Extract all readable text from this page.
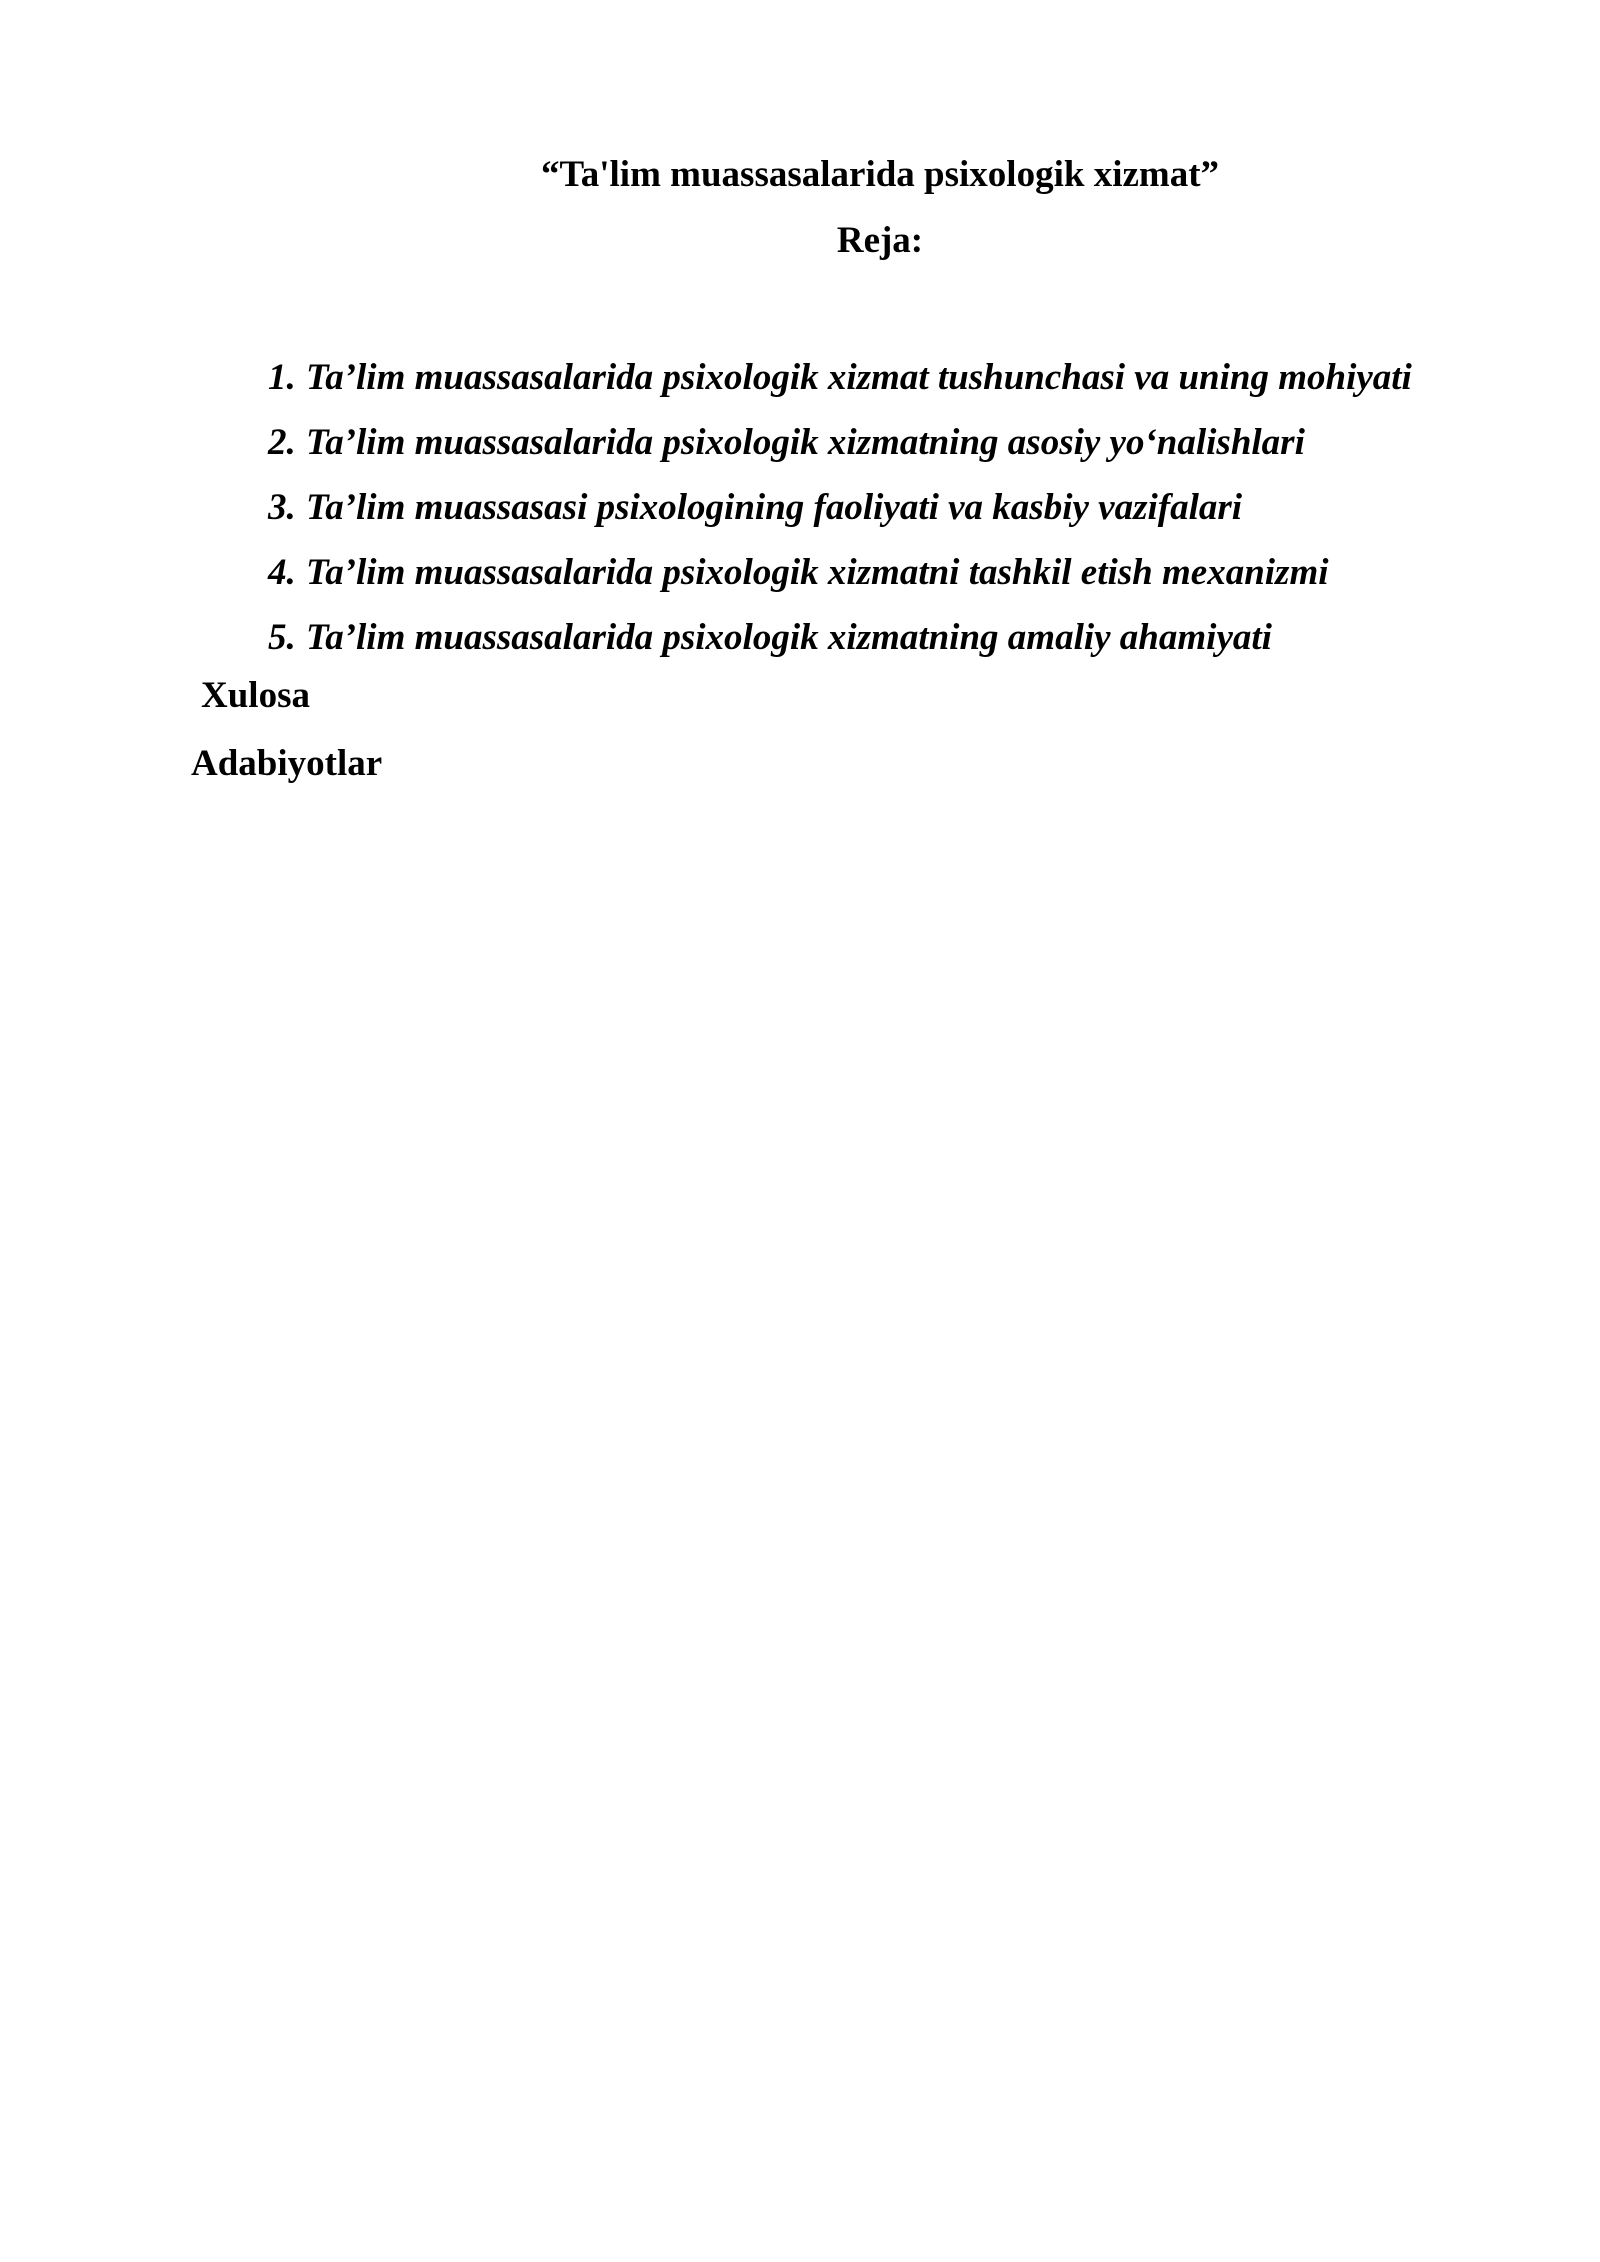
“Ta'lim muassasalarida psixologik xizmat”
Reja:
1. Ta’lim muassasalarida psixologik xizmat tushunchasi va uning mohiyati
2. Ta’lim muassasalarida psixologik xizmatning asosiy yo‘nalishlari
3. Ta’lim muassasasi psixologining faoliyati va kasbiy vazifalari
4. Ta’lim muassasalarida psixologik xizmatni tashkil etish mexanizmi
5. Ta’lim muassasalarida psixologik xizmatning amaliy ahamiyati
Xulosa
Adabiyotlar
